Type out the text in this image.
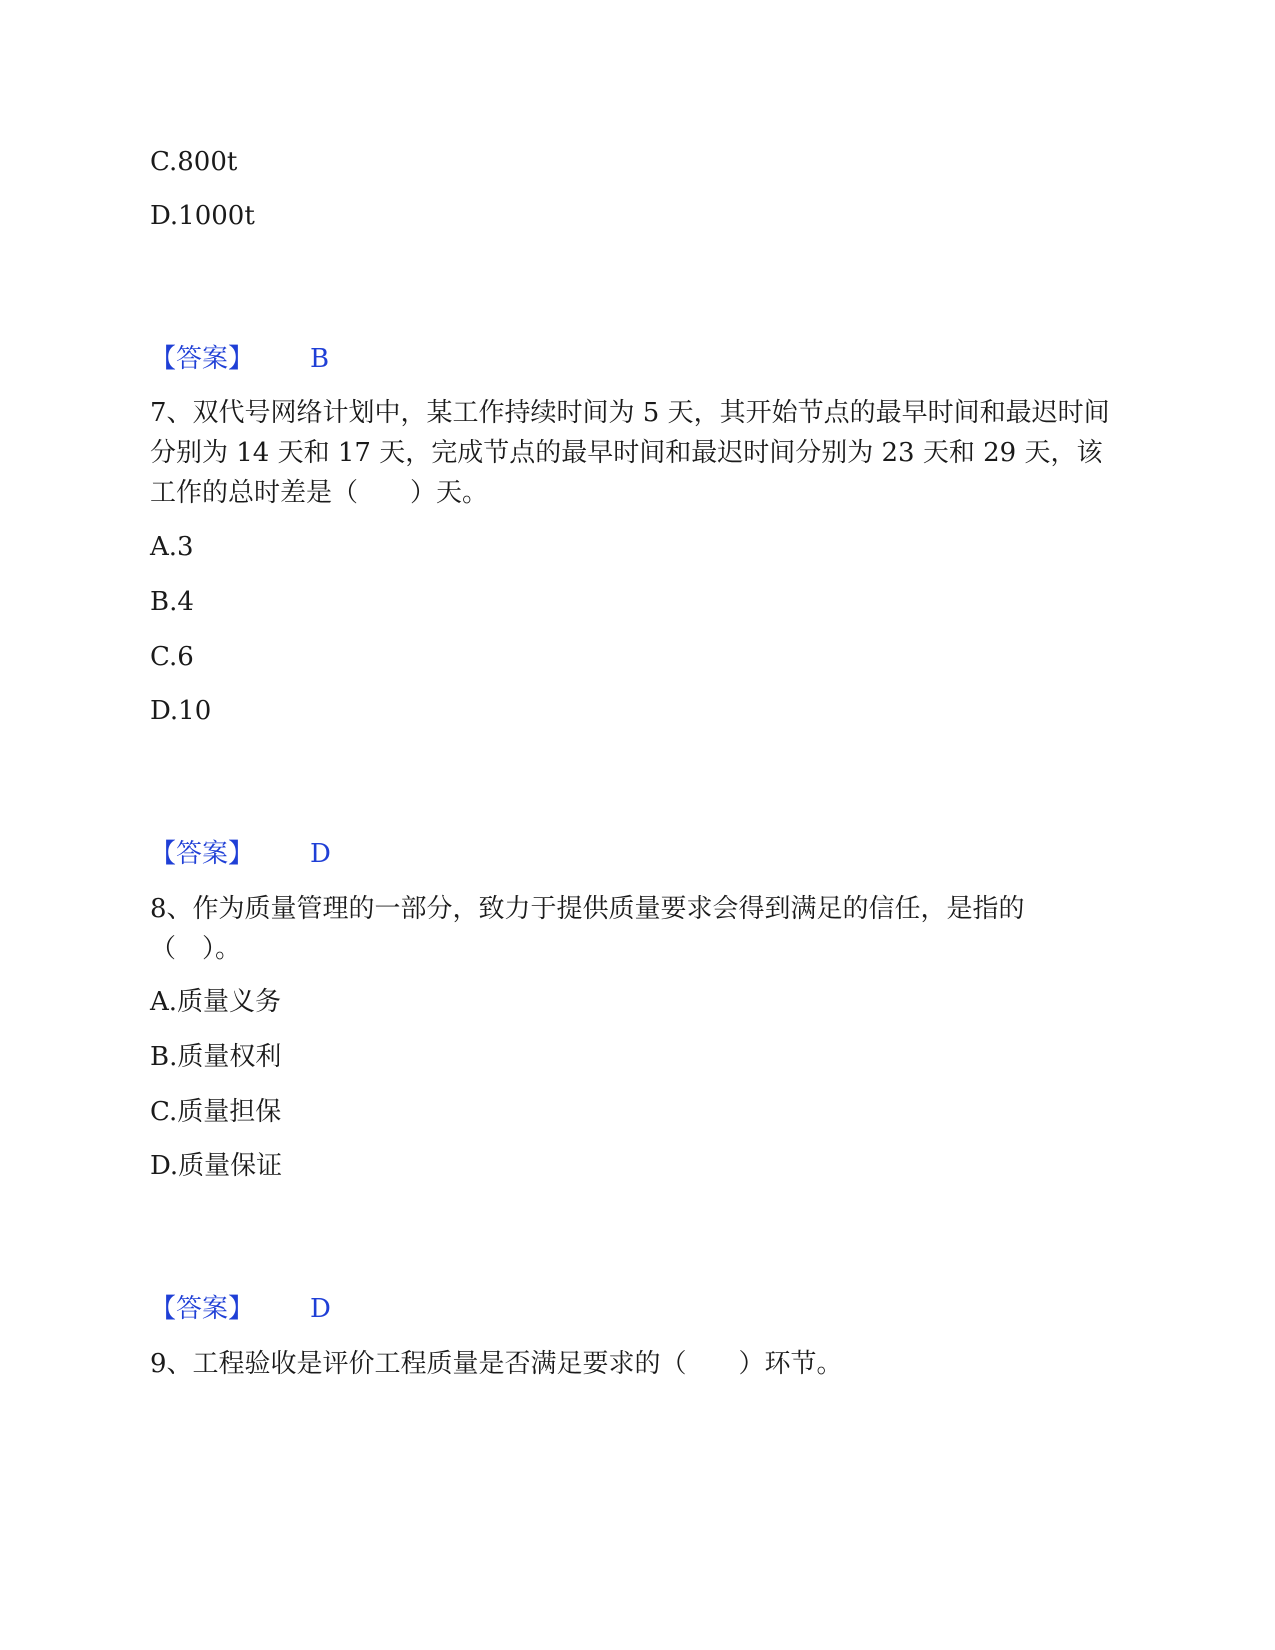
C.800t
D.1000t
【答案】 B
7、双代号网络计划中，某工作持续时间为 5 天，其开始节点的最早时间和最迟时间分别为 14 天和 17 天，完成节点的最早时间和最迟时间分别为 23 天和 29 天，该工作的总时差是（　　）天。
A.3
B.4
C.6
D.10
【答案】 D
8、作为质量管理的一部分，致力于提供质量要求会得到满足的信任，是指的（　）。
A.质量义务
B.质量权利
C.质量担保
D.质量保证
【答案】 D
9、工程验收是评价工程质量是否满足要求的（　　）环节。
